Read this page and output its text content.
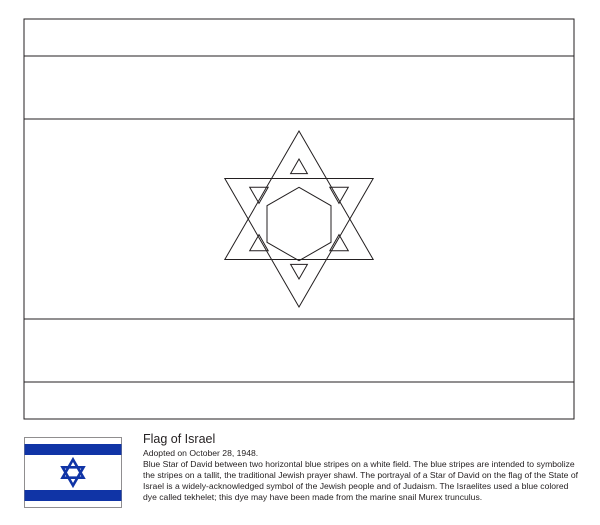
Flag of Israel
Adopted on October 28, 1948.
Blue Star of David between two horizontal blue stripes on a white field. The blue stripes are intended to symbolize the stripes on a tallit, the traditional Jewish prayer shawl. The portrayal of a Star of David on the flag of the State of Israel is a widely-acknowledged symbol of the Jewish people and of Judaism. The Israelites used a blue colored dye called tekhelet; this dye may have been made from the marine snail Murex trunculus.
